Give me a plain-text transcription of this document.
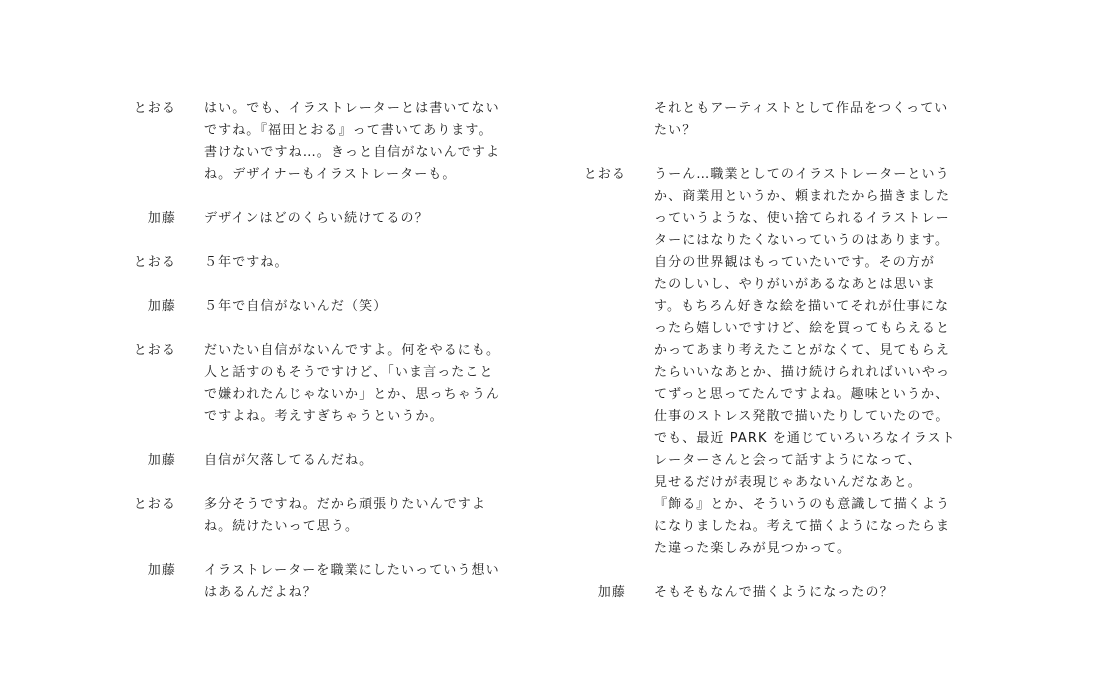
とおる はい。でも、イラストレーターとは書いてない
ですね。『福田とおる』って書いてあります。
書けないですね…。きっと自信がないんですよ
ね。デザイナーもイラストレーターも。
加藤 デザインはどのくらい続けてるの？
とおる ５年ですね。
加藤 ５年で自信がないんだ（笑）
とおる だいたい自信がないんですよ。何をやるにも。
人と話すのもそうですけど、「いま言ったこと
で嫌われたんじゃないか」とか、思っちゃうん
ですよね。考えすぎちゃうというか。
加藤 自信が欠落してるんだね。
とおる 多分そうですね。だから頑張りたいんですよ
ね。続けたいって思う。
加藤 イラストレーターを職業にしたいっていう想い
はあるんだよね？
それともアーティストとして作品をつくってい
たい？
とおる うーん…職業としてのイラストレーターという
か、商業用というか、頼まれたから描きました
っていうような、使い捨てられるイラストレー
ターにはなりたくないっていうのはあります。
自分の世界観はもっていたいです。その方が
たのしいし、やりがいがあるなあとは思いま
す。もちろん好きな絵を描いてそれが仕事にな
ったら嬉しいですけど、絵を買ってもらえると
かってあまり考えたことがなくて、見てもらえ
たらいいなあとか、描け続けられればいいやっ
てずっと思ってたんですよね。趣味というか、
仕事のストレス発散で描いたりしていたので。
でも、最近 PARK を通じていろいろなイラスト
レーターさんと会って話すようになって、
見せるだけが表現じゃあないんだなあと。
『飾る』とか、そういうのも意識して描くよう
になりましたね。考えて描くようになったらま
た違った楽しみが見つかって。
加藤 そもそもなんで描くようになったの？
